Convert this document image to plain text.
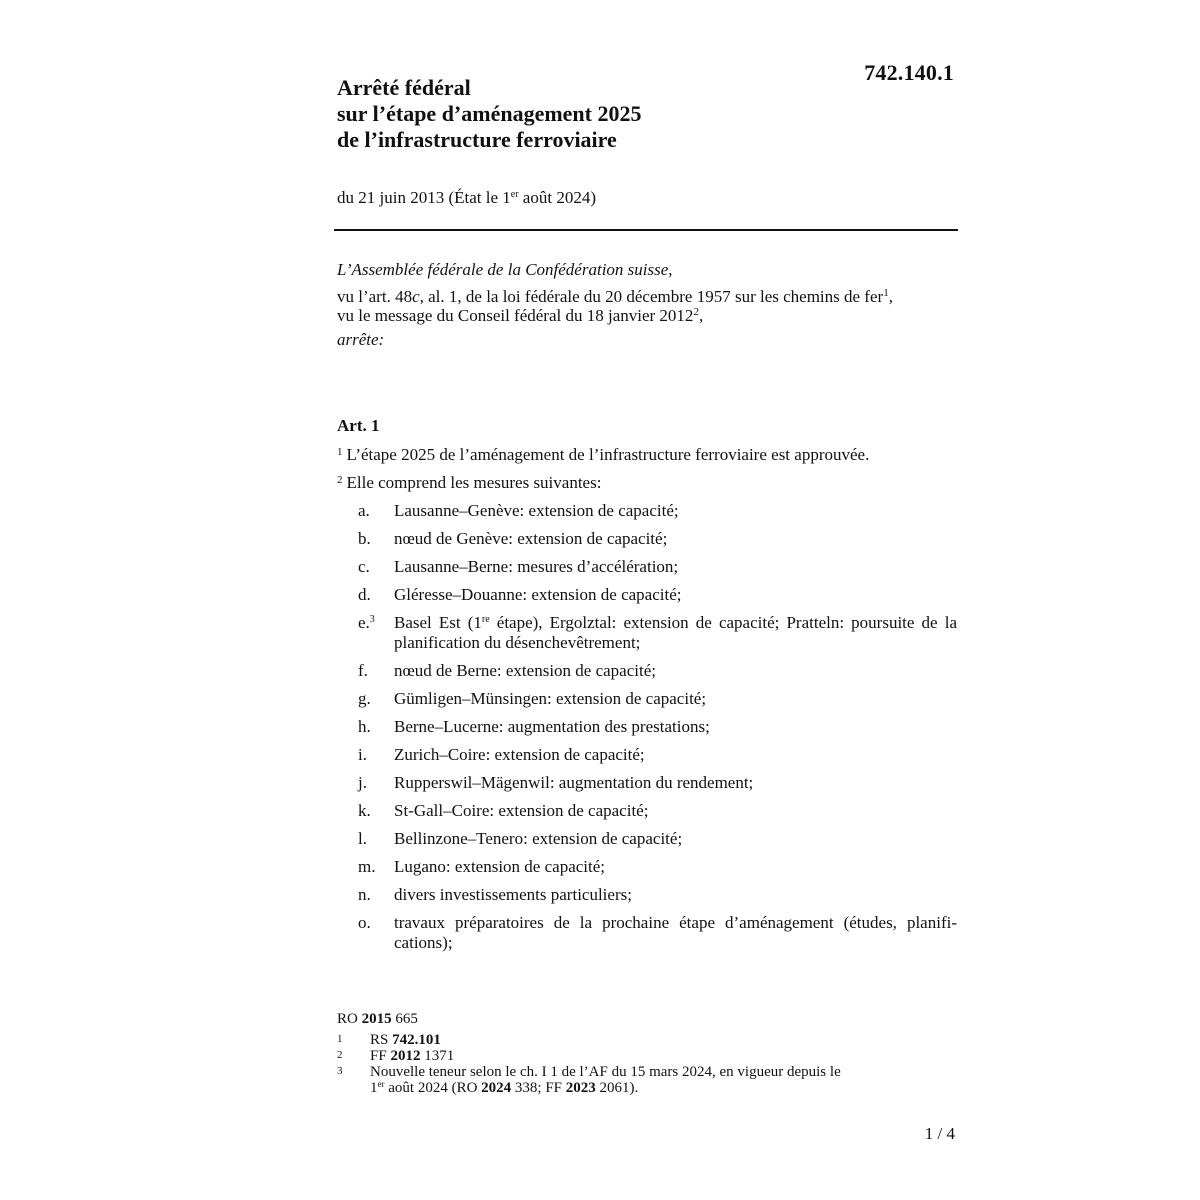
742.140.1
Arrêté fédéral
sur l’étape d’aménagement 2025
de l’infrastructure ferroviaire
du 21 juin 2013 (État le 1er août 2024)
L’Assemblée fédérale de la Confédération suisse,
vu l’art. 48c, al. 1, de la loi fédérale du 20 décembre 1957 sur les chemins de fer$^1$,
vu le message du Conseil fédéral du 18 janvier 2012$^2$,
arrête:
Art. 1
$^1$ L’étape 2025 de l’aménagement de l’infrastructure ferroviaire est approuvée.
$^2$ Elle comprend les mesures suivantes:
a. Lausanne–Genève: extension de capacité;
b. nœud de Genève: extension de capacité;
c. Lausanne–Berne: mesures d’accélération;
d. Gléresse–Douanne: extension de capacité;
e.$^3$ Basel Est (1re étape), Ergolztal: extension de capacité; Pratteln: poursuite de la planification du désenchevêtrement;
f. nœud de Berne: extension de capacité;
g. Gümligen–Münsingen: extension de capacité;
h. Berne–Lucerne: augmentation des prestations;
i. Zurich–Coire: extension de capacité;
j. Rupperswil–Mägenwil: augmentation du rendement;
k. St-Gall–Coire: extension de capacité;
l. Bellinzone–Tenero: extension de capacité;
m. Lugano: extension de capacité;
n. divers investissements particuliers;
o. travaux préparatoires de la prochaine étape d’aménagement (études, planifi-cations);
RO 2015 665
1 RS 742.101
2 FF 2012 1371
3 Nouvelle teneur selon le ch. I 1 de l’AF du 15 mars 2024, en vigueur depuis le
1er août 2024 (RO 2024 338; FF 2023 2061).
1 / 4
